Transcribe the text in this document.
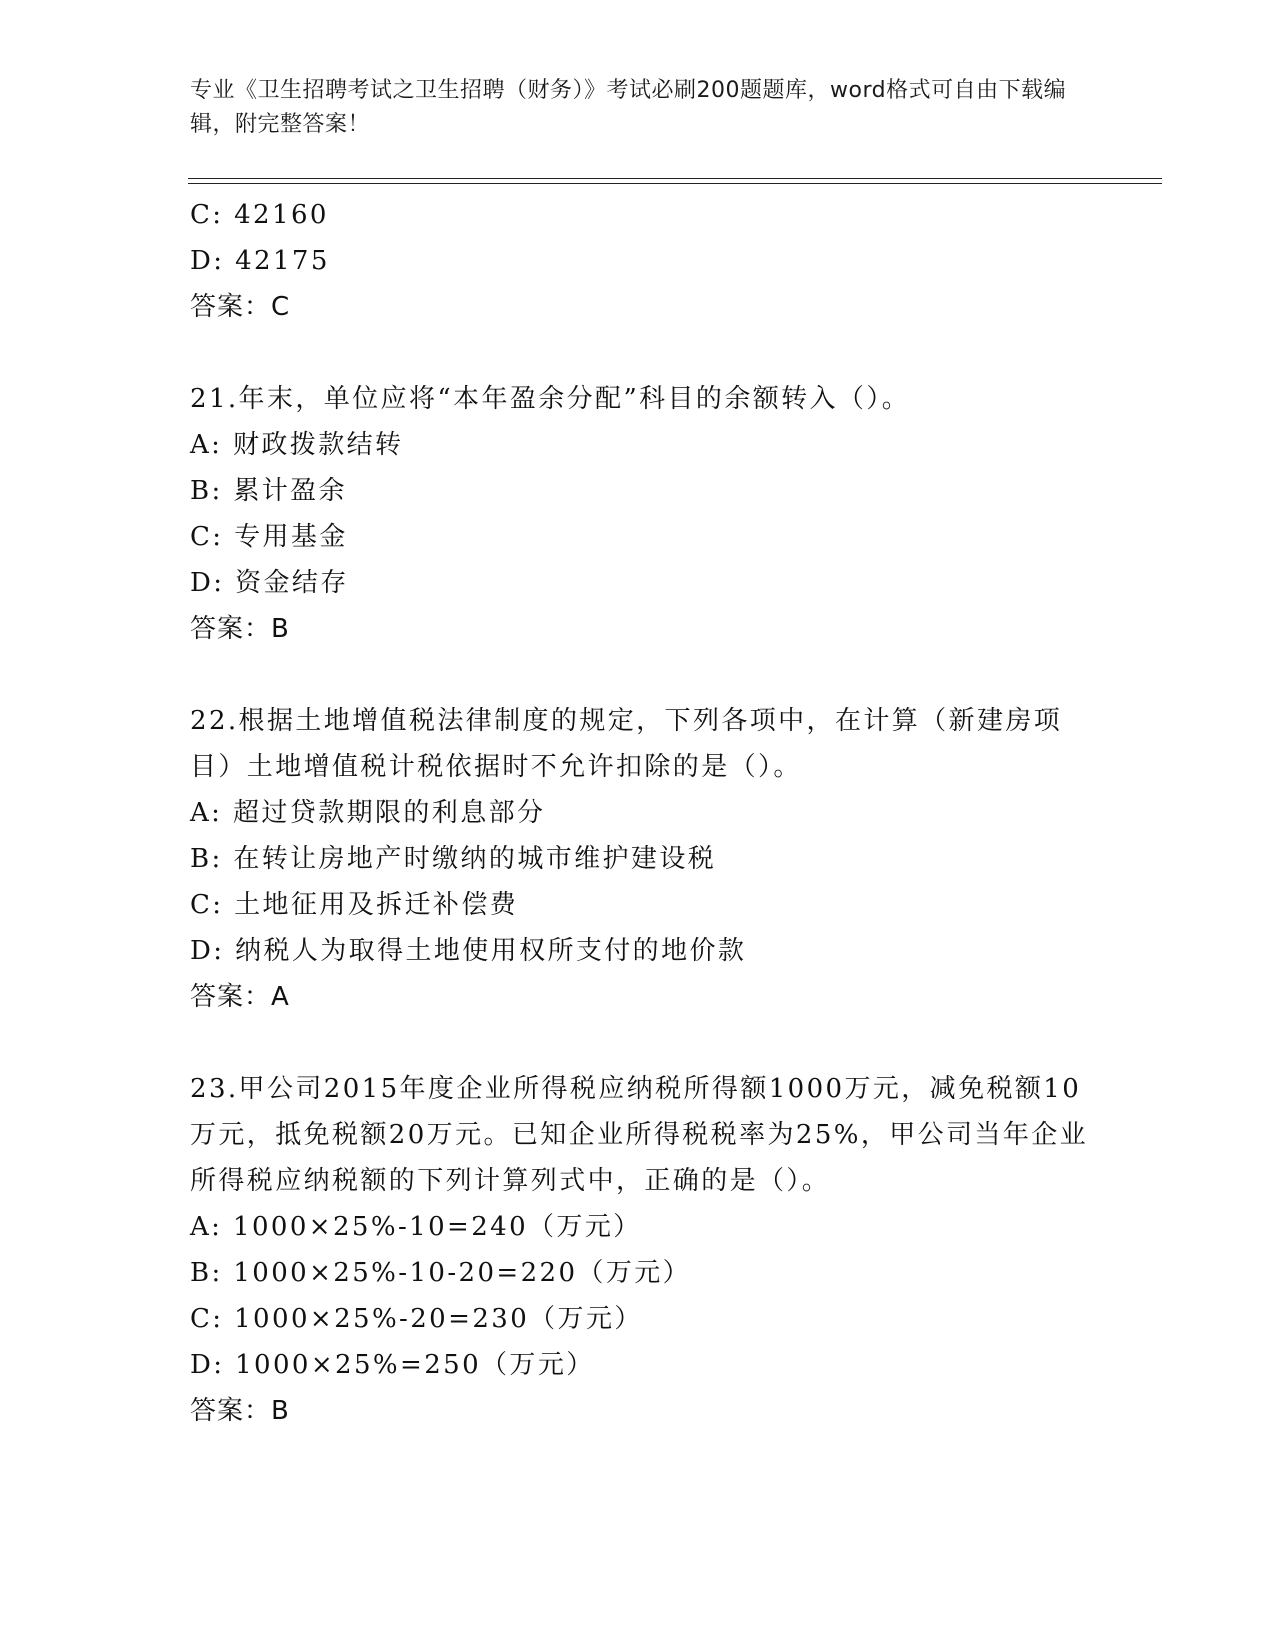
专业《卫生招聘考试之卫生招聘（财务）》考试必刷200题题库，word格式可自由下载编辑，附完整答案！
C: 42160
D: 42175
答案：C
21.年末，单位应将“本年盈余分配”科目的余额转入（）。
A: 财政拨款结转
B: 累计盈余
C: 专用基金
D: 资金结存
答案：B
22.根据土地增值税法律制度的规定，下列各项中，在计算（新建房项目）土地增值税计税依据时不允许扣除的是（）。
A: 超过贷款期限的利息部分
B: 在转让房地产时缴纳的城市维护建设税
C: 土地征用及拆迁补偿费
D: 纳税人为取得土地使用权所支付的地价款
答案：A
23.甲公司2015年度企业所得税应纳税所得额1000万元，减免税额10万元，抵免税额20万元。已知企业所得税税率为25%，甲公司当年企业所得税应纳税额的下列计算列式中，正确的是（）。
A: 1000×25%-10=240（万元）
B: 1000×25%-10-20=220（万元）
C: 1000×25%-20=230（万元）
D: 1000×25%=250（万元）
答案：B
